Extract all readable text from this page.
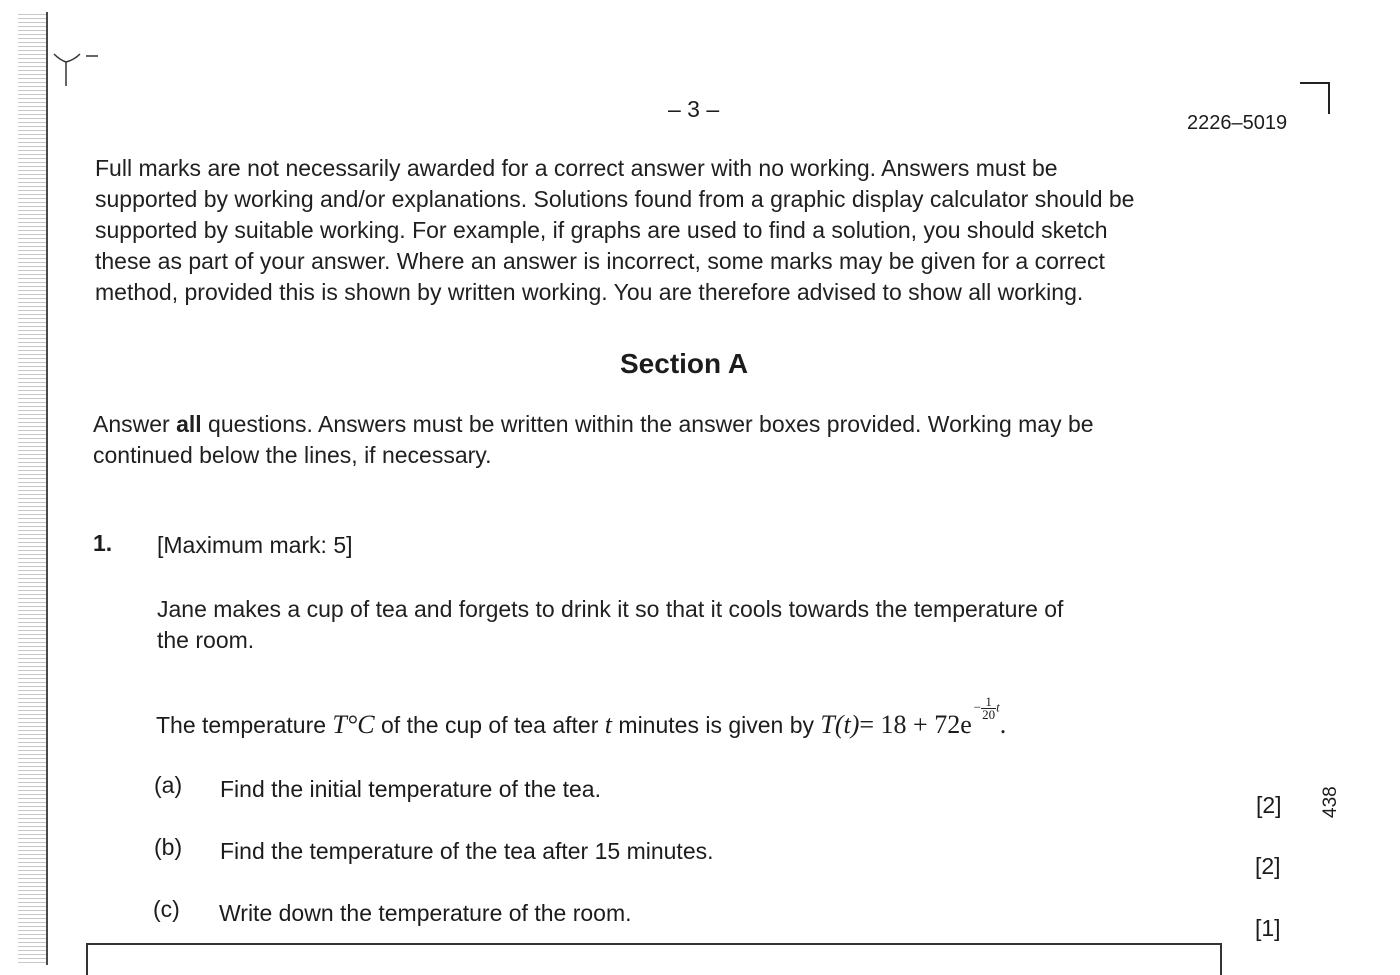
– 3 –
2226–5019
438
Full marks are not necessarily awarded for a correct answer with no working. Answers must be
supported by working and/or explanations. Solutions found from a graphic display calculator should be
supported by suitable working. For example, if graphs are used to find a solution, you should sketch
these as part of your answer. Where an answer is incorrect, some marks may be given for a correct
method, provided this is shown by written working. You are therefore advised to show all working.
Section A
Answer all questions. Answers must be written within the answer boxes provided. Working may be
continued below the lines, if necessary.
1. [Maximum mark: 5]
Jane makes a cup of tea and forgets to drink it so that it cools towards the temperature of
the room.
The temperature T°C of the cup of tea after t minutes is given by $T(t)= 18 + 72e- \frac{1}{20} t$.
(a) Find the initial temperature of the tea.
[2]
(b) Find the temperature of the tea after 15 minutes.
[2]
(c) Write down the temperature of the room.
[1]
